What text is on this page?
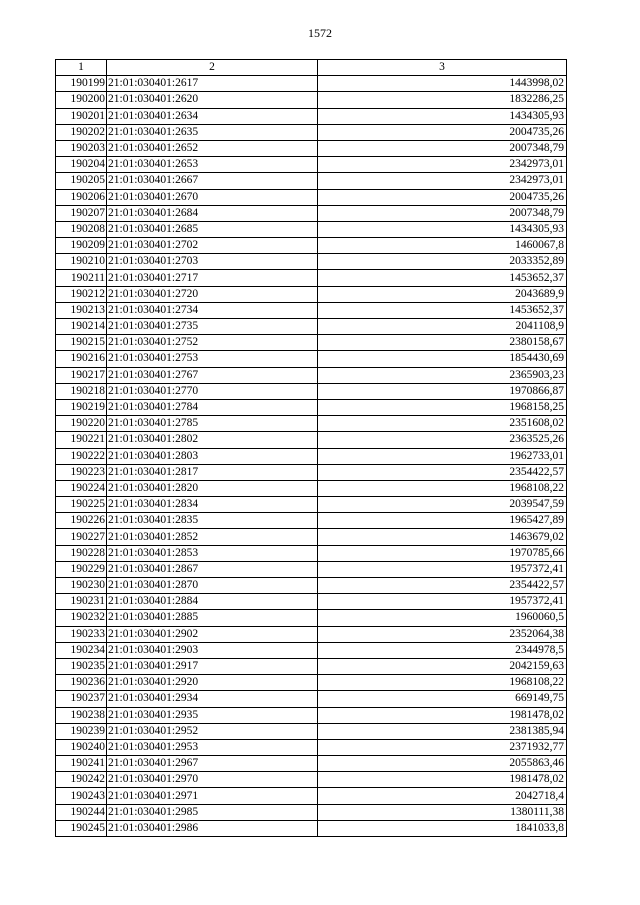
1572
1	2	3
190199	21:01:030401:2617	1443998,02
190200	21:01:030401:2620	1832286,25
190201	21:01:030401:2634	1434305,93
190202	21:01:030401:2635	2004735,26
190203	21:01:030401:2652	2007348,79
190204	21:01:030401:2653	2342973,01
190205	21:01:030401:2667	2342973,01
190206	21:01:030401:2670	2004735,26
190207	21:01:030401:2684	2007348,79
190208	21:01:030401:2685	1434305,93
190209	21:01:030401:2702	1460067,8
190210	21:01:030401:2703	2033352,89
190211	21:01:030401:2717	1453652,37
190212	21:01:030401:2720	2043689,9
190213	21:01:030401:2734	1453652,37
190214	21:01:030401:2735	2041108,9
190215	21:01:030401:2752	2380158,67
190216	21:01:030401:2753	1854430,69
190217	21:01:030401:2767	2365903,23
190218	21:01:030401:2770	1970866,87
190219	21:01:030401:2784	1968158,25
190220	21:01:030401:2785	2351608,02
190221	21:01:030401:2802	2363525,26
190222	21:01:030401:2803	1962733,01
190223	21:01:030401:2817	2354422,57
190224	21:01:030401:2820	1968108,22
190225	21:01:030401:2834	2039547,59
190226	21:01:030401:2835	1965427,89
190227	21:01:030401:2852	1463679,02
190228	21:01:030401:2853	1970785,66
190229	21:01:030401:2867	1957372,41
190230	21:01:030401:2870	2354422,57
190231	21:01:030401:2884	1957372,41
190232	21:01:030401:2885	1960060,5
190233	21:01:030401:2902	2352064,38
190234	21:01:030401:2903	2344978,5
190235	21:01:030401:2917	2042159,63
190236	21:01:030401:2920	1968108,22
190237	21:01:030401:2934	669149,75
190238	21:01:030401:2935	1981478,02
190239	21:01:030401:2952	2381385,94
190240	21:01:030401:2953	2371932,77
190241	21:01:030401:2967	2055863,46
190242	21:01:030401:2970	1981478,02
190243	21:01:030401:2971	2042718,4
190244	21:01:030401:2985	1380111,38
190245	21:01:030401:2986	1841033,8
